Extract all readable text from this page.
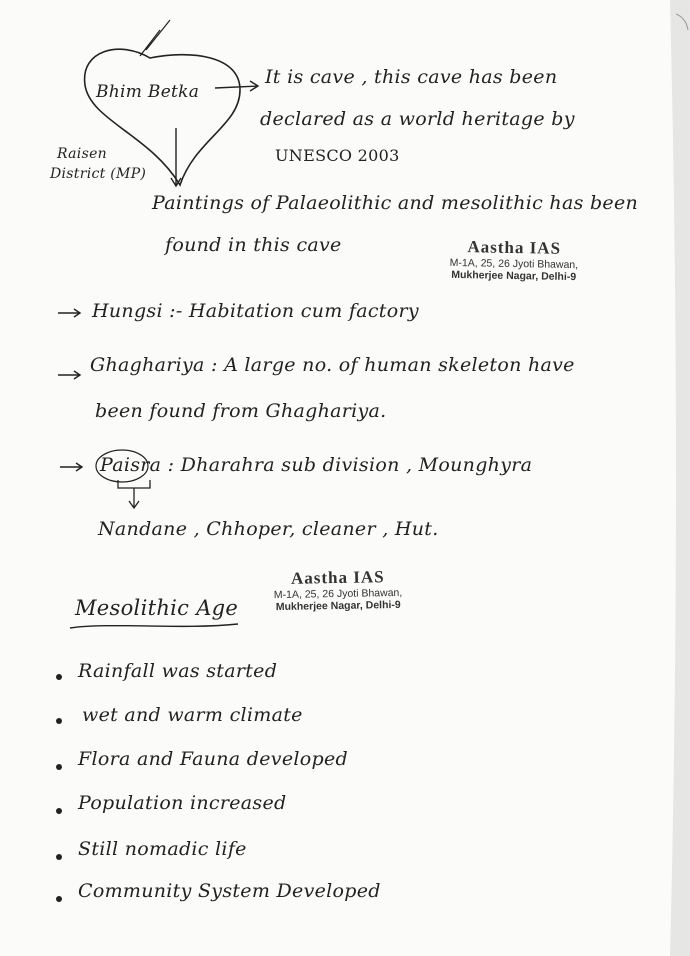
Bhim Betka
Raisen
District (MP)
It is cave , this cave has been
declared as a world heritage by
UNESCO 2003
Paintings of Palaeolithic and mesolithic has been
found in this cave	Aastha IAS
M-1A, 25, 26 Jyoti Bhawan,
Mukherjee Nagar, Delhi-9
Hungsi :- Habitation cum factory
Ghaghariya : A large no. of human skeleton have
been found from Ghaghariya.
Paisra : Dharahra sub division , Mounghyra
Nandane , Chhoper, cleaner , Hut.
Mesolithic Age
Aastha IAS
M-1A, 25, 26 Jyoti Bhawan,
Mukherjee Nagar, Delhi-9
Rainfall was started
wet and warm climate
Flora and Fauna developed
Population increased
Still nomadic life
Community System Developed
